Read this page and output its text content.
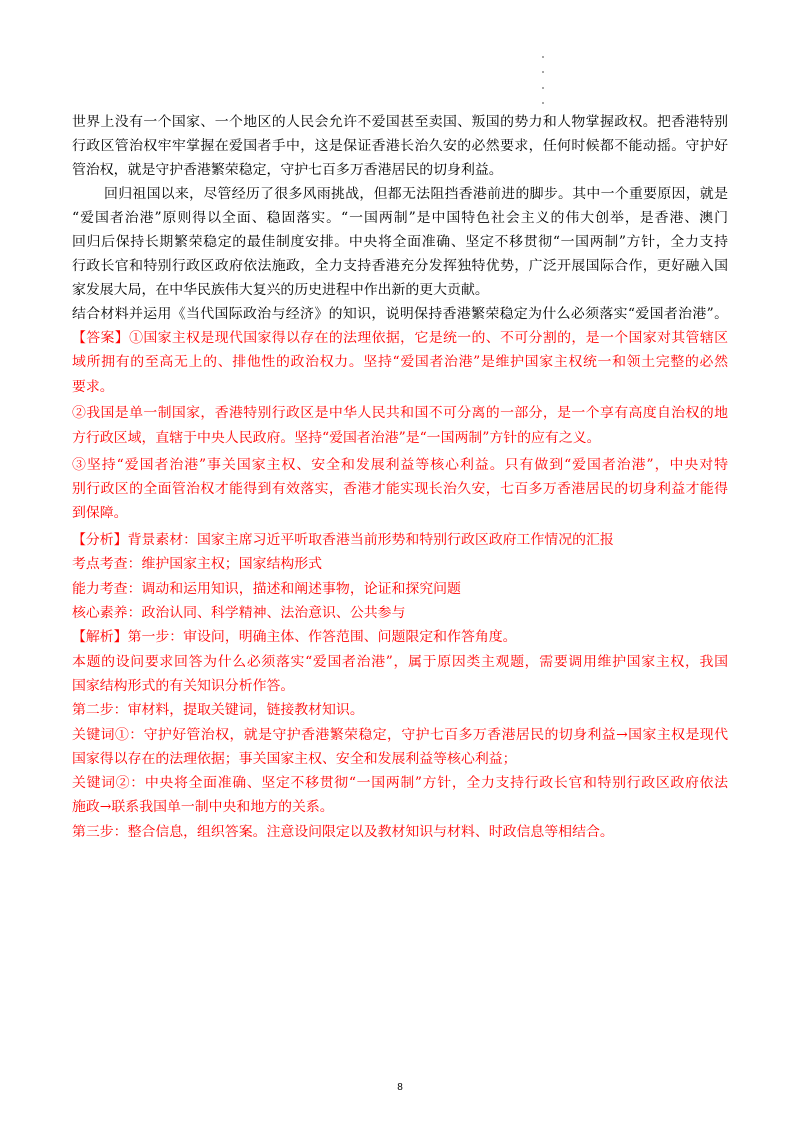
世界上没有一个国家、一个地区的人民会允许不爱国甚至卖国、叛国的势力和人物掌握政权。把香港特别
行政区管治权牢牢掌握在爱国者手中，这是保证香港长治久安的必然要求，任何时候都不能动摇。守护好
管治权，就是守护香港繁荣稳定，守护七百多万香港居民的切身利益。
回归祖国以来，尽管经历了很多风雨挑战，但都无法阻挡香港前进的脚步。其中一个重要原因，就是
“爱国者治港”原则得以全面、稳固落实。“一国两制”是中国特色社会主义的伟大创举，是香港、澳门
回归后保持长期繁荣稳定的最佳制度安排。中央将全面准确、坚定不移贯彻“一国两制”方针，全力支持
行政长官和特别行政区政府依法施政，全力支持香港充分发挥独特优势，广泛开展国际合作，更好融入国
家发展大局，在中华民族伟大复兴的历史进程中作出新的更大贡献。
结合材料并运用《当代国际政治与经济》的知识，说明保持香港繁荣稳定为什么必须落实“爱国者治港”。
【答案】①国家主权是现代国家得以存在的法理依据，它是统一的、不可分割的，是一个国家对其管辖区
域所拥有的至高无上的、排他性的政治权力。坚持“爱国者治港”是维护国家主权统一和领土完整的必然
要求。
②我国是单一制国家，香港特别行政区是中华人民共和国不可分离的一部分，是一个享有高度自治权的地
方行政区域，直辖于中央人民政府。坚持“爱国者治港”是“一国两制”方针的应有之义。
③坚持“爱国者治港”事关国家主权、安全和发展利益等核心利益。只有做到“爱国者治港”，中央对特
别行政区的全面管治权才能得到有效落实，香港才能实现长治久安，七百多万香港居民的切身利益才能得
到保障。
【分析】背景素材：国家主席习近平听取香港当前形势和特别行政区政府工作情况的汇报
考点考查：维护国家主权；国家结构形式
能力考查：调动和运用知识，描述和阐述事物，论证和探究问题
核心素养：政治认同、科学精神、法治意识、公共参与
【解析】第一步：审设问，明确主体、作答范围、问题限定和作答角度。
本题的设问要求回答为什么必须落实“爱国者治港”，属于原因类主观题，需要调用维护国家主权，我国
国家结构形式的有关知识分析作答。
第二步：审材料，提取关键词，链接教材知识。
关键词①：守护好管治权，就是守护香港繁荣稳定，守护七百多万香港居民的切身利益→国家主权是现代
国家得以存在的法理依据；事关国家主权、安全和发展利益等核心利益；
关键词②：中央将全面准确、坚定不移贯彻“一国两制”方针，全力支持行政长官和特别行政区政府依法
施政→联系我国单一制中央和地方的关系。
第三步：整合信息，组织答案。注意设问限定以及教材知识与材料、时政信息等相结合。
8
